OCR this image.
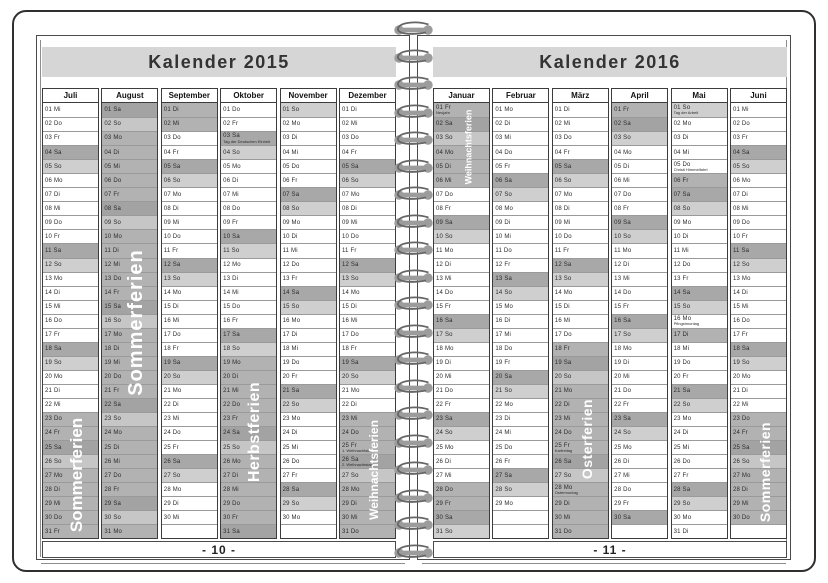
Kalender 2015
Juli
01 Mi
02 Do
03 Fr
04 Sa
05 So
06 Mo
07 Di
08 Mi
09 Do
10 Fr
11 Sa
12 So
13 Mo
14 Di
15 Mi
16 Do
17 Fr
18 Sa
19 So
20 Mo
21 Di
22 Mi
23 Do
24 Fr
25 Sa
26 So
27 Mo
28 Di
29 Mi
30 Do
31 Fr
Sommerferien
August
01 Sa
02 So
03 Mo
04 Di
05 Mi
06 Do
07 Fr
08 Sa
09 So
10 Mo
11 Di
12 Mi
13 Do
14 Fr
15 Sa
16 So
17 Mo
18 Di
19 Mi
20 Do
21 Fr
22 Sa
23 So
24 Mo
25 Di
26 Mi
27 Do
28 Fr
29 Sa
30 So
31 Mo
Sommerferien
September
01 Di
02 Mi
03 Do
04 Fr
05 Sa
06 So
07 Mo
08 Di
09 Mi
10 Do
11 Fr
12 Sa
13 So
14 Mo
15 Di
16 Mi
17 Do
18 Fr
19 Sa
20 So
21 Mo
22 Di
23 Mi
24 Do
25 Fr
26 Sa
27 So
28 Mo
29 Di
30 Mi
Oktober
01 Do
02 Fr
03 Sa
Tag der Deutschen Einheit
04 So
05 Mo
06 Di
07 Mi
08 Do
09 Fr
10 Sa
11 So
12 Mo
13 Di
14 Mi
15 Do
16 Fr
17 Sa
18 So
19 Mo
20 Di
21 Mi
22 Do
23 Fr
24 Sa
25 So
26 Mo
27 Di
28 Mi
29 Do
30 Fr
31 Sa
Herbstferien
November
01 So
02 Mo
03 Di
04 Mi
05 Do
06 Fr
07 Sa
08 So
09 Mo
10 Di
11 Mi
12 Do
13 Fr
14 Sa
15 So
16 Mo
17 Di
18 Mi
19 Do
20 Fr
21 Sa
22 So
23 Mo
24 Di
25 Mi
26 Do
27 Fr
28 Sa
29 So
30 Mo
Dezember
01 Di
02 Mi
03 Do
04 Fr
05 Sa
06 So
07 Mo
08 Di
09 Mi
10 Do
11 Fr
12 Sa
13 So
14 Mo
15 Di
16 Mi
17 Do
18 Fr
19 Sa
20 So
21 Mo
22 Di
23 Mi
24 Do
25 Fr
1. Weihnachtstag
26 Sa
2. Weihnachtstag
27 So
28 Mo
29 Di
30 Mi
31 Do
Weihnachtsferien
- 10 -
Kalender 2016
Januar
01 Fr
Neujahr
02 Sa
03 So
04 Mo
05 Di
06 Mi
07 Do
08 Fr
09 Sa
10 So
11 Mo
12 Di
13 Mi
14 Do
15 Fr
16 Sa
17 So
18 Mo
19 Di
20 Mi
21 Do
22 Fr
23 Sa
24 So
25 Mo
26 Di
27 Mi
28 Do
29 Fr
30 Sa
31 So
Weihnachtsferien
Februar
01 Mo
02 Di
03 Mi
04 Do
05 Fr
06 Sa
07 So
08 Mo
09 Di
10 Mi
11 Do
12 Fr
13 Sa
14 So
15 Mo
16 Di
17 Mi
18 Do
19 Fr
20 Sa
21 So
22 Mo
23 Di
24 Mi
25 Do
26 Fr
27 Sa
28 So
29 Mo
März
01 Di
02 Mi
03 Do
04 Fr
05 Sa
06 So
07 Mo
08 Di
09 Mi
10 Do
11 Fr
12 Sa
13 So
14 Mo
15 Di
16 Mi
17 Do
18 Fr
19 Sa
20 So
21 Mo
22 Di
23 Mi
24 Do
25 Fr
Karfreitag
26 Sa
27 So
28 Mo
Ostermontag
29 Di
30 Mi
31 Do
Osterferien
April
01 Fr
02 Sa
03 So
04 Mo
05 Di
06 Mi
07 Do
08 Fr
09 Sa
10 So
11 Mo
12 Di
13 Mi
14 Do
15 Fr
16 Sa
17 So
18 Mo
19 Di
20 Mi
21 Do
22 Fr
23 Sa
24 So
25 Mo
26 Di
27 Mi
28 Do
29 Fr
30 Sa
Mai
01 So
Tag der Arbeit
02 Mo
03 Di
04 Mi
05 Do
Christi Himmelfahrt
06 Fr
07 Sa
08 So
09 Mo
10 Di
11 Mi
12 Do
13 Fr
14 Sa
15 So
16 Mo
Pfingstmontag
17 Di
18 Mi
19 Do
20 Fr
21 Sa
22 So
23 Mo
24 Di
25 Mi
26 Do
27 Fr
28 Sa
29 So
30 Mo
31 Di
Juni
01 Mi
02 Do
03 Fr
04 Sa
05 So
06 Mo
07 Di
08 Mi
09 Do
10 Fr
11 Sa
12 So
13 Mo
14 Di
15 Mi
16 Do
17 Fr
18 Sa
19 So
20 Mo
21 Di
22 Mi
23 Do
24 Fr
25 Sa
26 So
27 Mo
28 Di
29 Mi
30 Do Sommerferien
- 11 -
